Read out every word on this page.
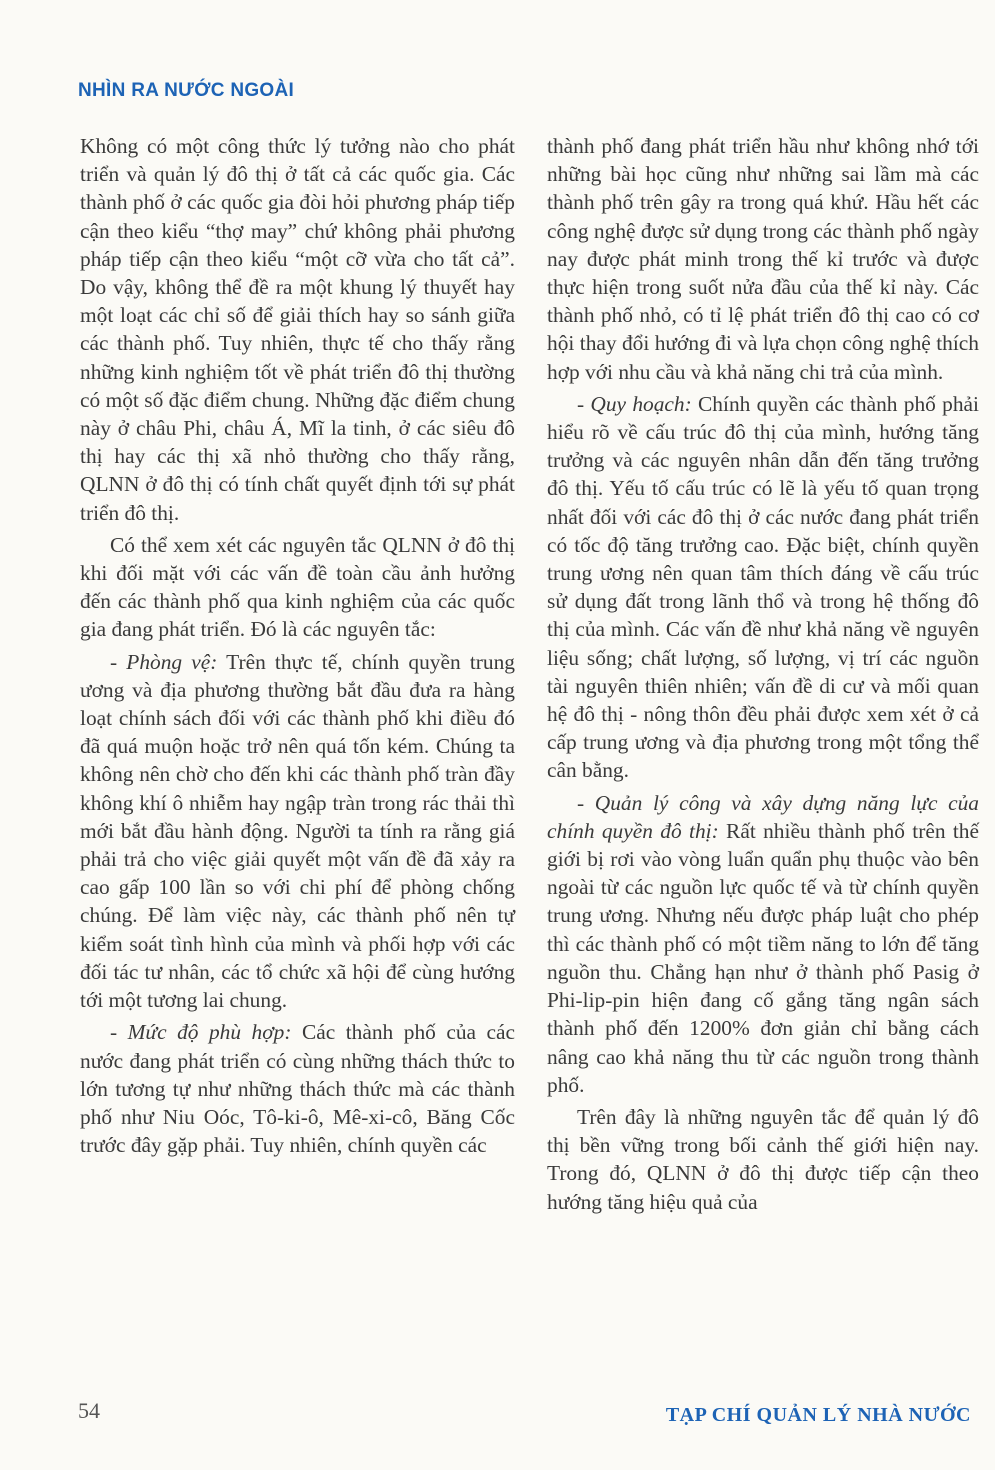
NHÌN RA NƯỚC NGOÀI

Không có một công thức lý tưởng nào cho phát triển và quản lý đô thị ở tất cả các quốc gia. Các thành phố ở các quốc gia đòi hỏi phương pháp tiếp cận theo kiểu “thợ may” chứ không phải phương pháp tiếp cận theo kiểu “một cỡ vừa cho tất cả”. Do vậy, không thể đề ra một khung lý thuyết hay một loạt các chỉ số để giải thích hay so sánh giữa các thành phố. Tuy nhiên, thực tế cho thấy rằng những kinh nghiệm tốt về phát triển đô thị thường có một số đặc điểm chung. Những đặc điểm chung này ở châu Phi, châu Á, Mĩ la tinh, ở các siêu đô thị hay các thị xã nhỏ thường cho thấy rằng, QLNN ở đô thị có tính chất quyết định tới sự phát triển đô thị.

Có thể xem xét các nguyên tắc QLNN ở đô thị khi đối mặt với các vấn đề toàn cầu ảnh hưởng đến các thành phố qua kinh nghiệm của các quốc gia đang phát triển. Đó là các nguyên tắc:

- Phòng vệ: Trên thực tế, chính quyền trung ương và địa phương thường bắt đầu đưa ra hàng loạt chính sách đối với các thành phố khi điều đó đã quá muộn hoặc trở nên quá tốn kém. Chúng ta không nên chờ cho đến khi các thành phố tràn đầy không khí ô nhiễm hay ngập tràn trong rác thải thì mới bắt đầu hành động. Người ta tính ra rằng giá phải trả cho việc giải quyết một vấn đề đã xảy ra cao gấp 100 lần so với chi phí để phòng chống chúng. Để làm việc này, các thành phố nên tự kiểm soát tình hình của mình và phối hợp với các đối tác tư nhân, các tổ chức xã hội để cùng hướng tới một tương lai chung.

- Mức độ phù hợp: Các thành phố của các nước đang phát triển có cùng những thách thức to lớn tương tự như những thách thức mà các thành phố như Niu Oóc, Tô-ki-ô, Mê-xi-cô, Băng Cốc trước đây gặp phải. Tuy nhiên, chính quyền các

thành phố đang phát triển hầu như không nhớ tới những bài học cũng như những sai lầm mà các thành phố trên gây ra trong quá khứ. Hầu hết các công nghệ được sử dụng trong các thành phố ngày nay được phát minh trong thế kỉ trước và được thực hiện trong suốt nửa đầu của thế kỉ này. Các thành phố nhỏ, có tỉ lệ phát triển đô thị cao có cơ hội thay đổi hướng đi và lựa chọn công nghệ thích hợp với nhu cầu và khả năng chi trả của mình.

- Quy hoạch: Chính quyền các thành phố phải hiểu rõ về cấu trúc đô thị của mình, hướng tăng trưởng và các nguyên nhân dẫn đến tăng trưởng đô thị. Yếu tố cấu trúc có lẽ là yếu tố quan trọng nhất đối với các đô thị ở các nước đang phát triển có tốc độ tăng trưởng cao. Đặc biệt, chính quyền trung ương nên quan tâm thích đáng về cấu trúc sử dụng đất trong lãnh thổ và trong hệ thống đô thị của mình. Các vấn đề như khả năng về nguyên liệu sống; chất lượng, số lượng, vị trí các nguồn tài nguyên thiên nhiên; vấn đề di cư và mối quan hệ đô thị - nông thôn đều phải được xem xét ở cả cấp trung ương và địa phương trong một tổng thể cân bằng.

- Quản lý công và xây dựng năng lực của chính quyền đô thị: Rất nhiều thành phố trên thế giới bị rơi vào vòng luẩn quẩn phụ thuộc vào bên ngoài từ các nguồn lực quốc tế và từ chính quyền trung ương. Nhưng nếu được pháp luật cho phép thì các thành phố có một tiềm năng to lớn để tăng nguồn thu. Chẳng hạn như ở thành phố Pasig ở Phi-lip-pin hiện đang cố gắng tăng ngân sách thành phố đến 1200% đơn giản chỉ bằng cách nâng cao khả năng thu từ các nguồn trong thành phố.

Trên đây là những nguyên tắc để quản lý đô thị bền vững trong bối cảnh thế giới hiện nay. Trong đó, QLNN ở đô thị được tiếp cận theo hướng tăng hiệu quả của

54	TẠP CHÍ QUẢN LÝ NHÀ NƯỚC
